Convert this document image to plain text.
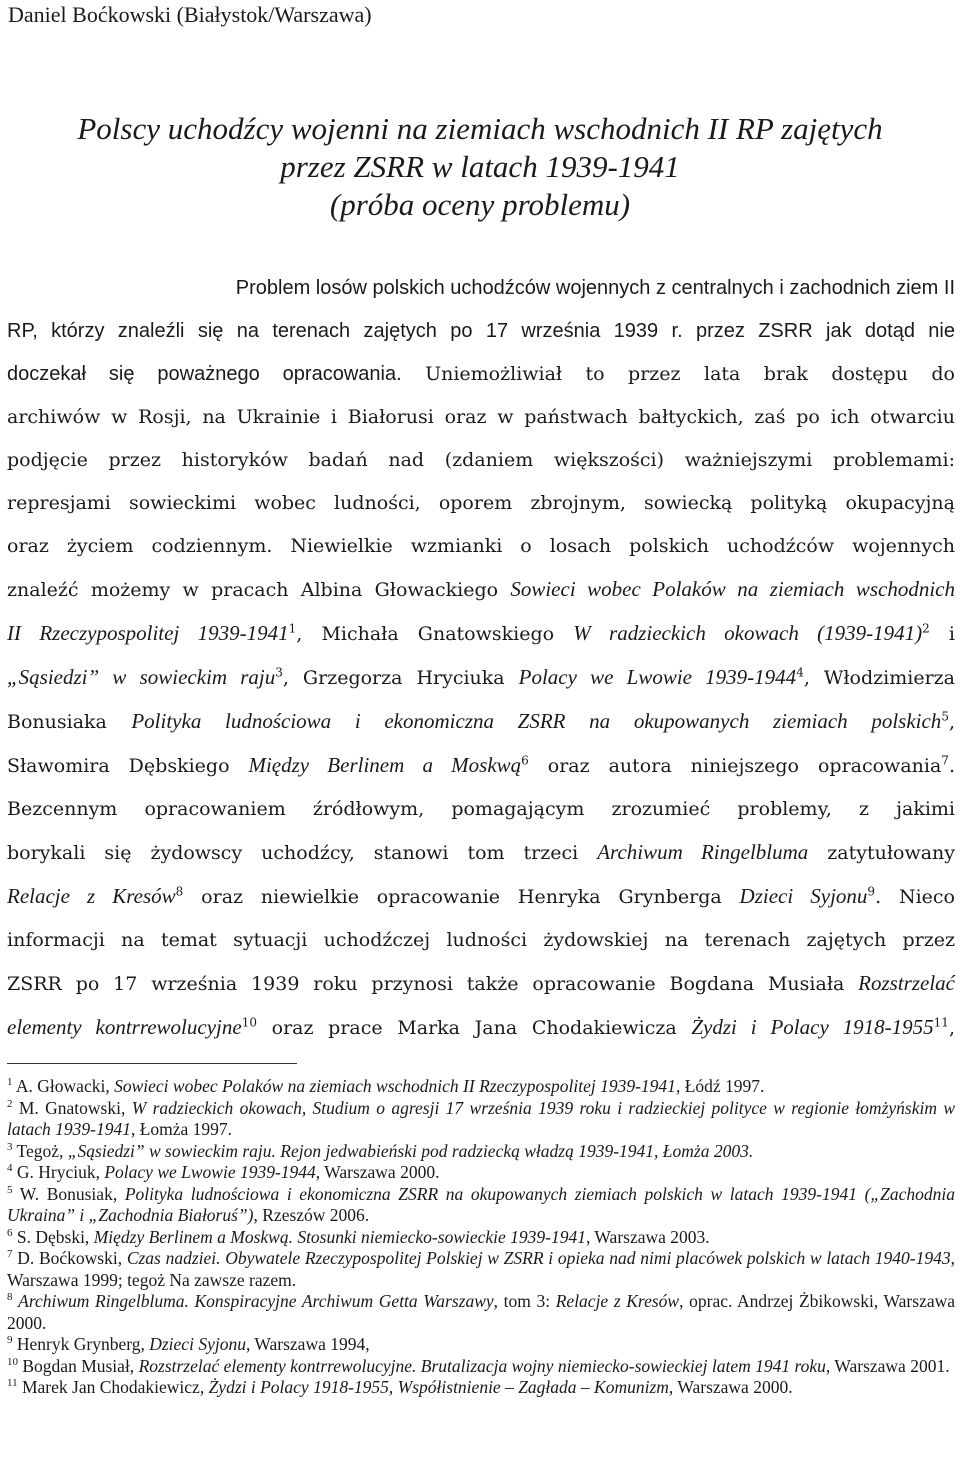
Daniel Boćkowski (Białystok/Warszawa)
Polscy uchodźcy wojenni na ziemiach wschodnich II RP zajętych
przez ZSRR w latach 1939-1941
(próba oceny problemu)
Problem losów polskich uchodźców wojennych z centralnych i zachodnich ziem II
RP, którzy znaleźli się na terenach zajętych po 17 września 1939 r. przez ZSRR jak dotąd nie
doczekał się poważnego opracowania. Uniemożliwiał to przez lata brak dostępu do
archiwów w Rosji, na Ukrainie i Białorusi oraz w państwach bałtyckich, zaś po ich otwarciu
podjęcie przez historyków badań nad (zdaniem większości) ważniejszymi problemami:
represjami sowieckimi wobec ludności, oporem zbrojnym, sowiecką polityką okupacyjną
oraz życiem codziennym. Niewielkie wzmianki o losach polskich uchodźców wojennych
znaleźć możemy w pracach Albina Głowackiego Sowieci wobec Polaków na ziemiach wschodnich
II Rzeczypospolitej 1939-1941$^1$, Michała Gnatowskiego W radzieckich okowach (1939-1941)$^2$ i
„Sąsiedzi” w sowieckim raju$^3$, Grzegorza Hryciuka Polacy we Lwowie 1939-1944$^4$, Włodzimierza
Bonusiaka Polityka ludnościowa i ekonomiczna ZSRR na okupowanych ziemiach polskich$^5$,
Sławomira Dębskiego Między Berlinem a Moskwą$^6$ oraz autora niniejszego opracowania$^7$.
Bezcennym opracowaniem źródłowym, pomagającym zrozumieć problemy, z jakimi
borykali się żydowscy uchodźcy, stanowi tom trzeci Archiwum Ringelbluma zatytułowany
Relacje z Kresów$^8$ oraz niewielkie opracowanie Henryka Grynberga Dzieci Syjonu$^9$. Nieco
informacji na temat sytuacji uchodźczej ludności żydowskiej na terenach zajętych przez
ZSRR po 17 września 1939 roku przynosi także opracowanie Bogdana Musiała Rozstrzelać
elementy kontrrewolucyjne$^{10}$ oraz prace Marka Jana Chodakiewicza Żydzi i Polacy 1918-1955$^{11}$,

$^1$ A. Głowacki, Sowieci wobec Polaków na ziemiach wschodnich II Rzeczypospolitej 1939-1941, Łódź 1997.

$^2$ M. Gnatowski, W radzieckich okowach, Studium o agresji 17 września 1939 roku i radzieckiej polityce w regionie łomżyńskim w latach 1939-1941, Łomża 1997.

$^3$ Tegoż, „Sąsiedzi” w sowieckim raju. Rejon jedwabieński pod radziecką władzą 1939-1941, Łomża 2003.

$^4$ G. Hryciuk, Polacy we Lwowie 1939-1944, Warszawa 2000.

$^5$ W. Bonusiak, Polityka ludnościowa i ekonomiczna ZSRR na okupowanych ziemiach polskich w latach 1939-1941 („Zachodnia Ukraina” i „Zachodnia Białoruś”), Rzeszów 2006.

$^6$ S. Dębski, Między Berlinem a Moskwą. Stosunki niemiecko-sowieckie 1939-1941, Warszawa 2003.

$^7$ D. Boćkowski, Czas nadziei. Obywatele Rzeczypospolitej Polskiej w ZSRR i opieka nad nimi placówek polskich w latach 1940-1943, Warszawa 1999; tegoż Na zawsze razem.

$^8$ Archiwum Ringelbluma. Konspiracyjne Archiwum Getta Warszawy, tom 3: Relacje z Kresów, oprac. Andrzej Żbikowski, Warszawa 2000.

$^9$ Henryk Grynberg, Dzieci Syjonu, Warszawa 1994,

$^{10}$ Bogdan Musiał, Rozstrzelać elementy kontrrewolucyjne. Brutalizacja wojny niemiecko-sowieckiej latem 1941 roku, Warszawa 2001.

$^{11}$ Marek Jan Chodakiewicz, Żydzi i Polacy 1918-1955, Współistnienie – Zagłada – Komunizm, Warszawa 2000.
